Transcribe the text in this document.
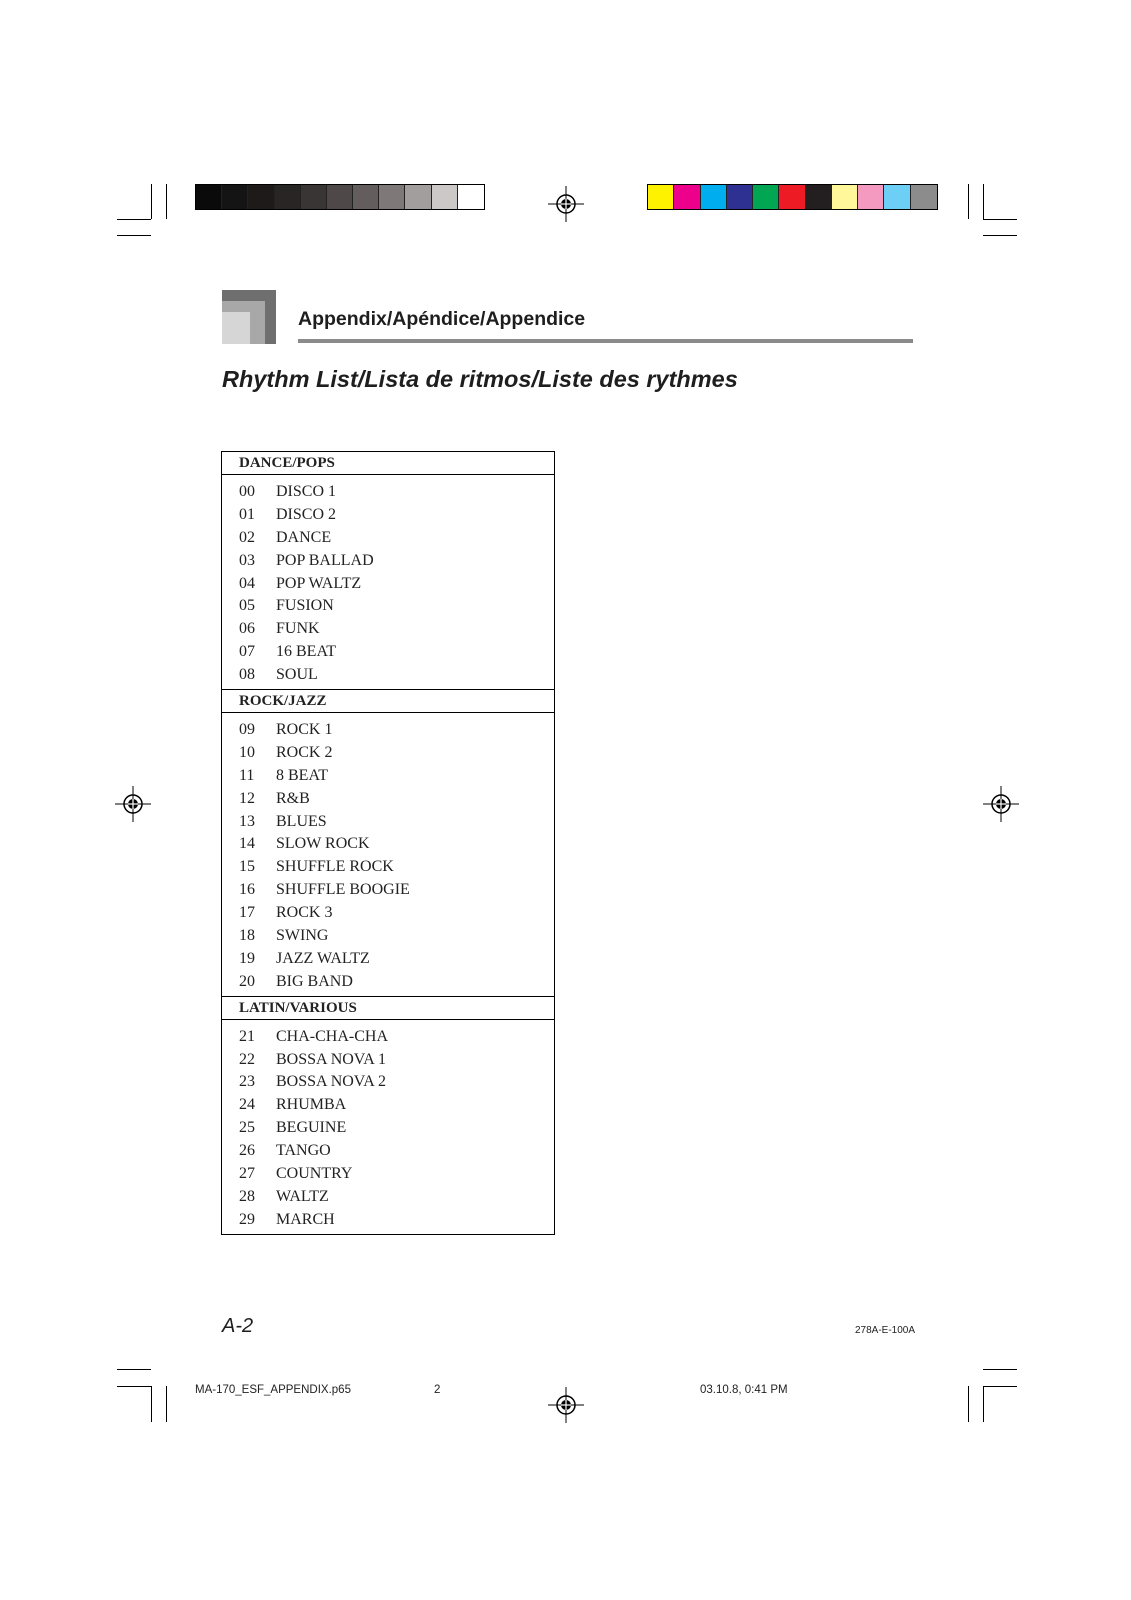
Appendix/Apéndice/Appendice
Rhythm List/Lista de ritmos/Liste des rythmes
DANCE/POPS
00	DISCO 1
01	DISCO 2
02	DANCE
03	POP BALLAD
04	POP WALTZ
05	FUSION
06	FUNK
07	16 BEAT
08	SOUL
ROCK/JAZZ
09	ROCK 1
10	ROCK 2
11	8 BEAT
12	R&B
13	BLUES
14	SLOW ROCK
15	SHUFFLE ROCK
16	SHUFFLE BOOGIE
17	ROCK 3
18	SWING
19	JAZZ WALTZ
20	BIG BAND
LATIN/VARIOUS
21	CHA-CHA-CHA
22	BOSSA NOVA 1
23	BOSSA NOVA 2
24	RHUMBA
25	BEGUINE
26	TANGO
27	COUNTRY
28	WALTZ
29	MARCH
A-2	278A-E-100A
MA-170_ESF_APPENDIX.p65	2	03.10.8, 0:41 PM
